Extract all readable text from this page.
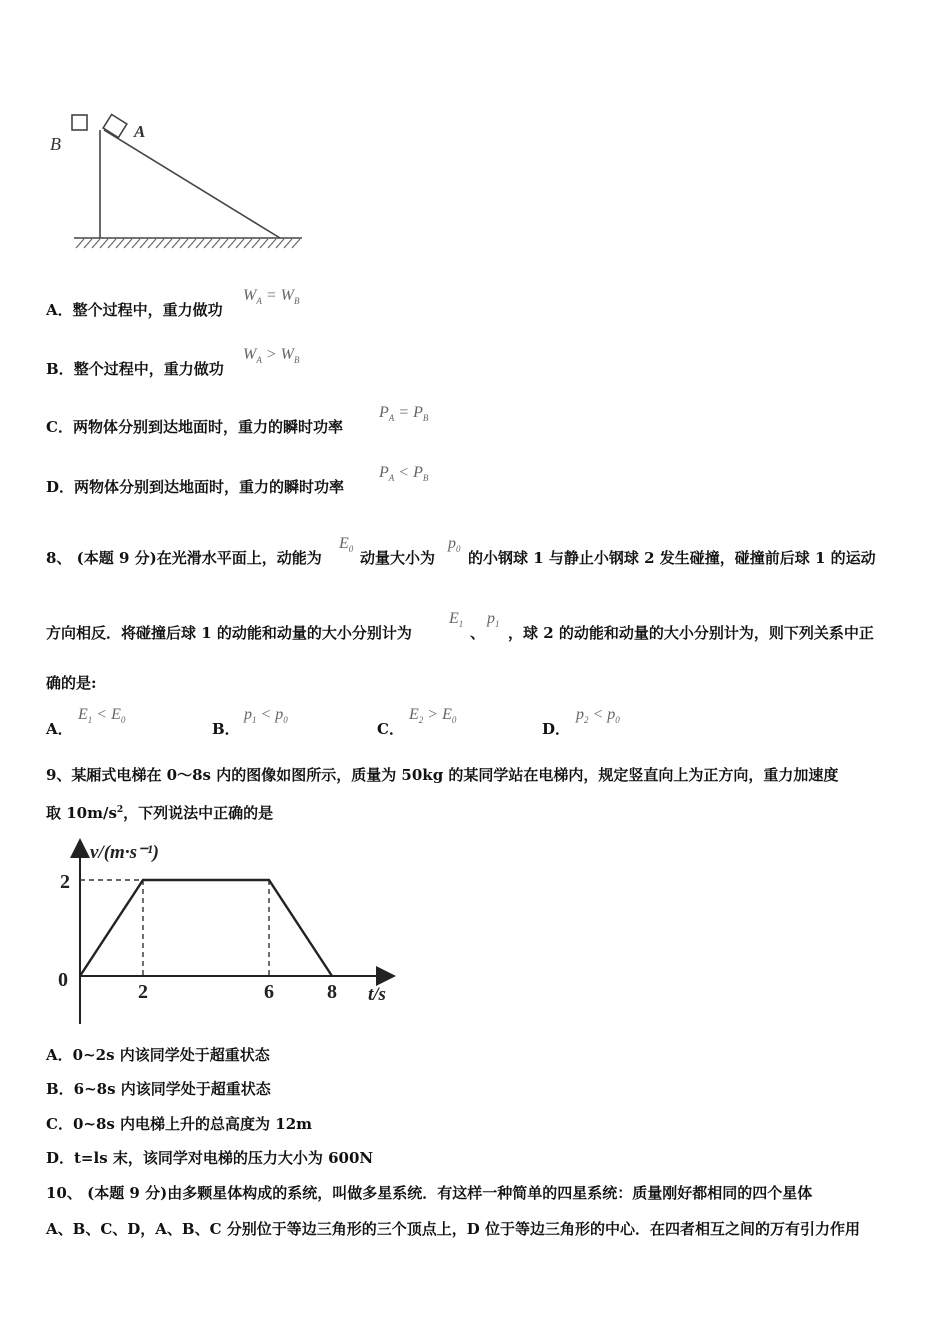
A
B
A．整个过程中，重力做功
$W_A = W_B$
B．整个过程中，重力做功
$W_A > W_B$
C．两物体分别到达地面时，重力的瞬时功率
$P_A = P_B$
D．两物体分别到达地面时，重力的瞬时功率
$P_A < P_B$
8、 (本题 9 分)在光滑水平面上，动能为
$E_0$ 动量大小为
$p_0$ 的小钢球 1 与静止小钢球 2 发生碰撞，碰撞前后球 1 的运动
方向相反．将碰撞后球 1 的动能和动量的大小分别计为
$E_1$ 、
$p_1$ ，球 2 的动能和动量的大小分别计为，则下列关系中正
确的是:
A．
$E_1 < E_0$	B．
$p_1 < p_0$	C．
$E_2 > E_0$	D．
$p_2 < p_0$
9、某厢式电梯在 0～8s 内的图像如图所示，质量为 50kg 的某同学站在电梯内，规定竖直向上为正方向，重力加速度
取 $10m/s^2$，下列说法中正确的是
2	6	8
2
v/(m·s⁻¹)
t/s
0
A．0~2s 内该同学处于超重状态
B．6~8s 内该同学处于超重状态
C．0~8s 内电梯上升的总高度为 12m
D．t=ls 末，该同学对电梯的压力大小为 600N
10、 (本题 9 分)由多颗星体构成的系统，叫做多星系统．有这样一种简单的四星系统：质量刚好都相同的四个星体
A、B、C、D，A、B、C 分别位于等边三角形的三个顶点上，D 位于等边三角形的中心．在四者相互之间的万有引力作用
